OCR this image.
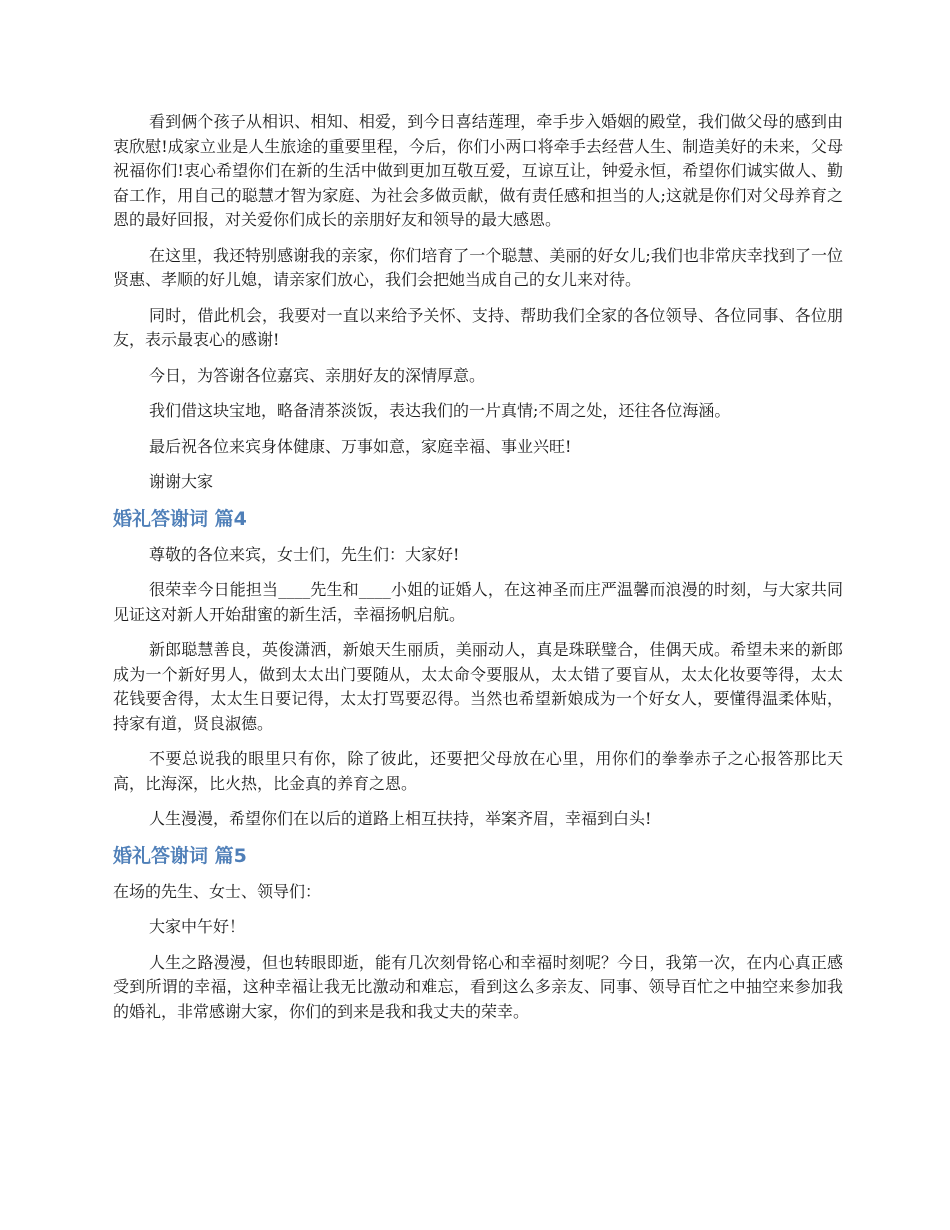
看到俩个孩子从相识、相知、相爱，到今日喜结莲理，牵手步入婚姻的殿堂，我们做父母的感到由衷欣慰!成家立业是人生旅途的重要里程，今后，你们小两口将牵手去经营人生、制造美好的未来，父母祝福你们!衷心希望你们在新的生活中做到更加互敬互爱，互谅互让，钟爱永恒，希望你们诚实做人、勤奋工作，用自己的聪慧才智为家庭、为社会多做贡献，做有责任感和担当的人;这就是你们对父母养育之恩的最好回报，对关爱你们成长的亲朋好友和领导的最大感恩。

在这里，我还特别感谢我的亲家，你们培育了一个聪慧、美丽的好女儿;我们也非常庆幸找到了一位贤惠、孝顺的好儿媳，请亲家们放心，我们会把她当成自己的女儿来对待。

同时，借此机会，我要对一直以来给予关怀、支持、帮助我们全家的各位领导、各位同事、各位朋友，表示最衷心的感谢!

今日，为答谢各位嘉宾、亲朋好友的深情厚意。

我们借这块宝地，略备清茶淡饭，表达我们的一片真情;不周之处，还往各位海涵。

最后祝各位来宾身体健康、万事如意，家庭幸福、事业兴旺!

谢谢大家

婚礼答谢词 篇4

尊敬的各位来宾，女士们，先生们：大家好!

很荣幸今日能担当____先生和____小姐的证婚人，在这神圣而庄严温馨而浪漫的时刻，与大家共同见证这对新人开始甜蜜的新生活，幸福扬帆启航。

新郎聪慧善良，英俊潇洒，新娘天生丽质，美丽动人，真是珠联璧合，佳偶天成。希望未来的新郎成为一个新好男人，做到太太出门要随从，太太命令要服从，太太错了要盲从，太太化妆要等得，太太花钱要舍得，太太生日要记得，太太打骂要忍得。当然也希望新娘成为一个好女人，要懂得温柔体贴，持家有道，贤良淑德。

不要总说我的眼里只有你，除了彼此，还要把父母放在心里，用你们的拳拳赤子之心报答那比天高，比海深，比火热，比金真的养育之恩。

人生漫漫，希望你们在以后的道路上相互扶持，举案齐眉，幸福到白头!

婚礼答谢词 篇5

在场的先生、女士、领导们：

大家中午好！

人生之路漫漫，但也转眼即逝，能有几次刻骨铭心和幸福时刻呢？今日，我第一次，在内心真正感受到所谓的幸福，这种幸福让我无比激动和难忘，看到这么多亲友、同事、领导百忙之中抽空来参加我的婚礼，非常感谢大家，你们的到来是我和我丈夫的荣幸。
